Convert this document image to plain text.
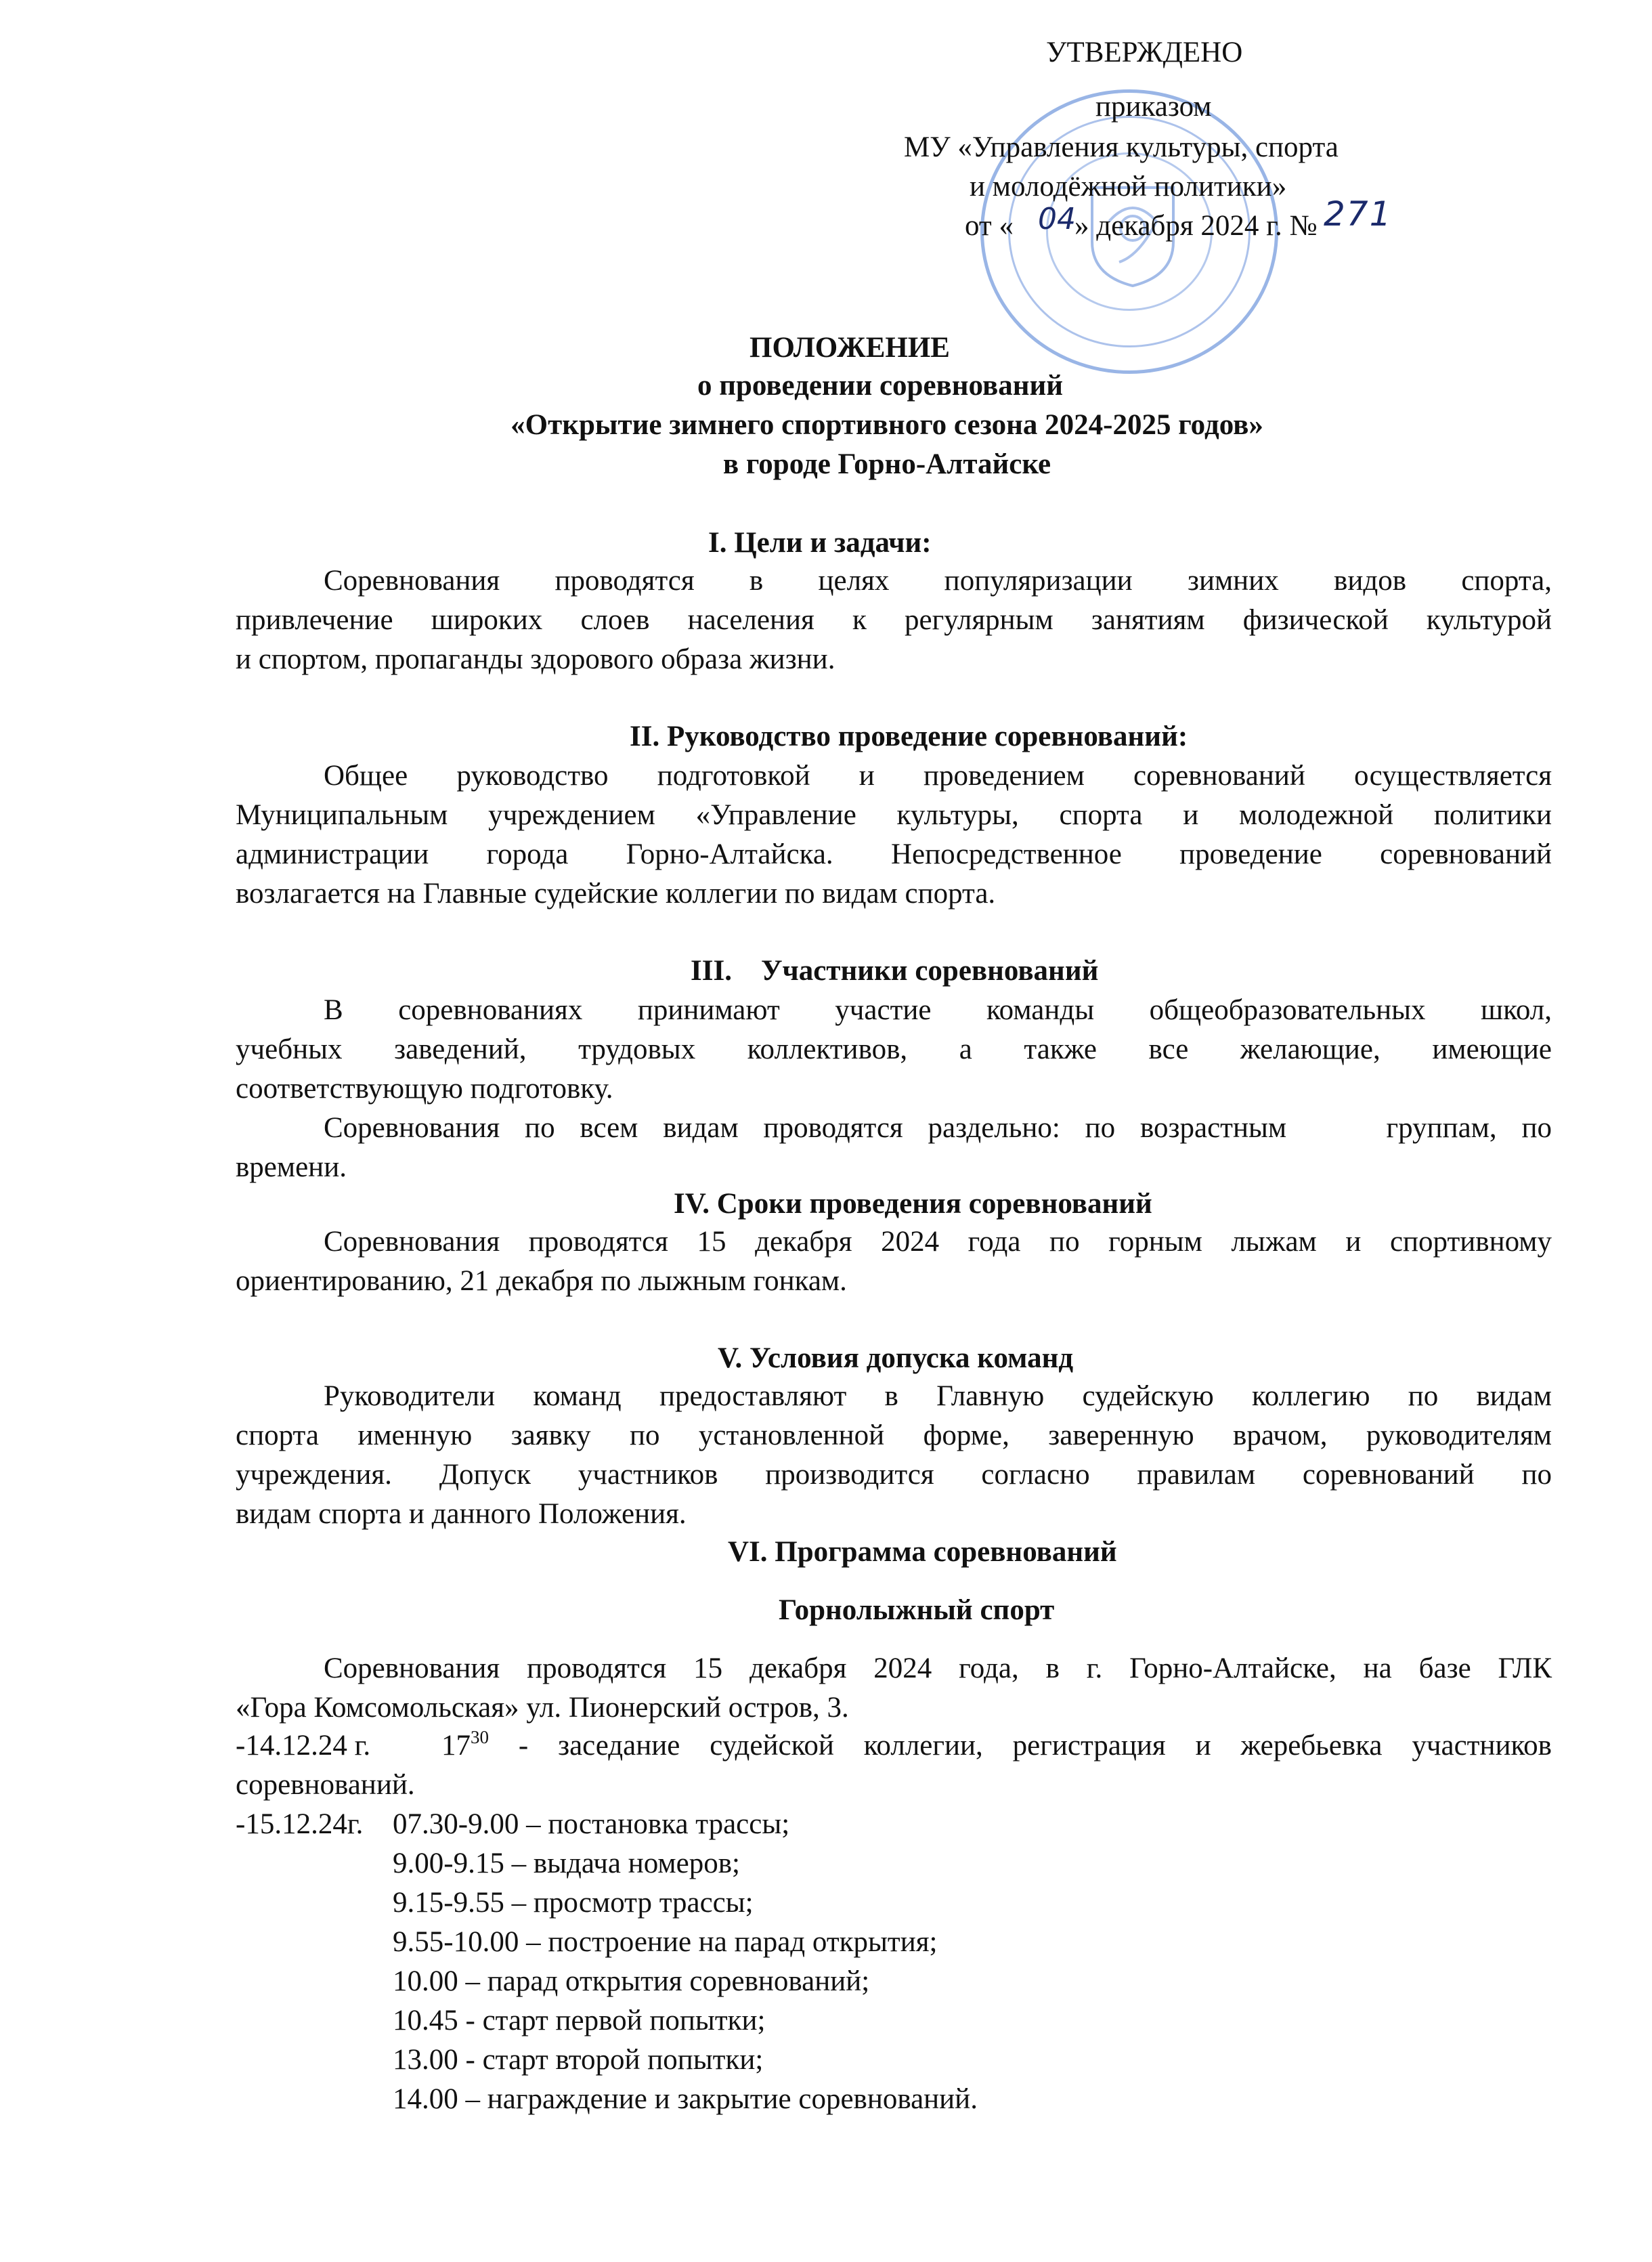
УТВЕРЖДЕНО
приказом
МУ «Управления культуры, спорта
и молодёжной политики»
от « 04
» декабря 2024 г. № 271
ПОЛОЖЕНИЕ
о проведении соревнований
«Открытие зимнего спортивного сезона 2024-2025 годов»
в городе Горно-Алтайске
I. Цели и задачи:
Соревнования проводятся в целях популяризации зимних видов спорта,
привлечение широких слоев населения к регулярным занятиям физической культурой
и спортом, пропаганды здорового образа жизни.
II. Руководство проведение соревнований:
Общее руководство подготовкой и проведением соревнований осуществляется
Муниципальным учреждением «Управление культуры, спорта и молодежной политики
администрации города Горно-Алтайска. Непосредственное проведение соревнований
возлагается на Главные судейские коллегии по видам спорта.
III.    Участники соревнований
В соревнованиях принимают участие команды общеобразовательных школ,
учебных заведений, трудовых коллективов, а также все желающие, имеющие
соответствующую подготовку.
Соревнования по всем видам проводятся раздельно: по возрастным    группам, по
времени.
IV. Сроки проведения соревнований
Соревнования проводятся 15 декабря 2024 года по горным лыжам и спортивному
ориентированию, 21 декабря по лыжным гонкам.
V. Условия допуска команд
Руководители команд предоставляют в Главную судейскую коллегию по видам
спорта именную заявку по установленной форме, заверенную врачом, руководителям
учреждения. Допуск участников производится согласно правилам соревнований по
видам спорта и данного Положения.
VI. Программа соревнований
Горнолыжный спорт
Соревнования проводятся 15 декабря 2024 года, в г. Горно-Алтайске, на базе ГЛК
«Гора Комсомольская» ул. Пионерский остров, 3.
-14.12.24 г. $17^{30}$ - заседание судейской коллегии, регистрация и жеребьевка участников
соревнований.
-15.12.24г. 07.30-9.00 – постановка трассы;
9.00-9.15 – выдача номеров;
9.15-9.55 – просмотр трассы;
9.55-10.00 – построение на парад открытия;
10.00 – парад открытия соревнований;
10.45 - старт первой попытки;
13.00 - старт второй попытки;
14.00 – награждение и закрытие соревнований.
